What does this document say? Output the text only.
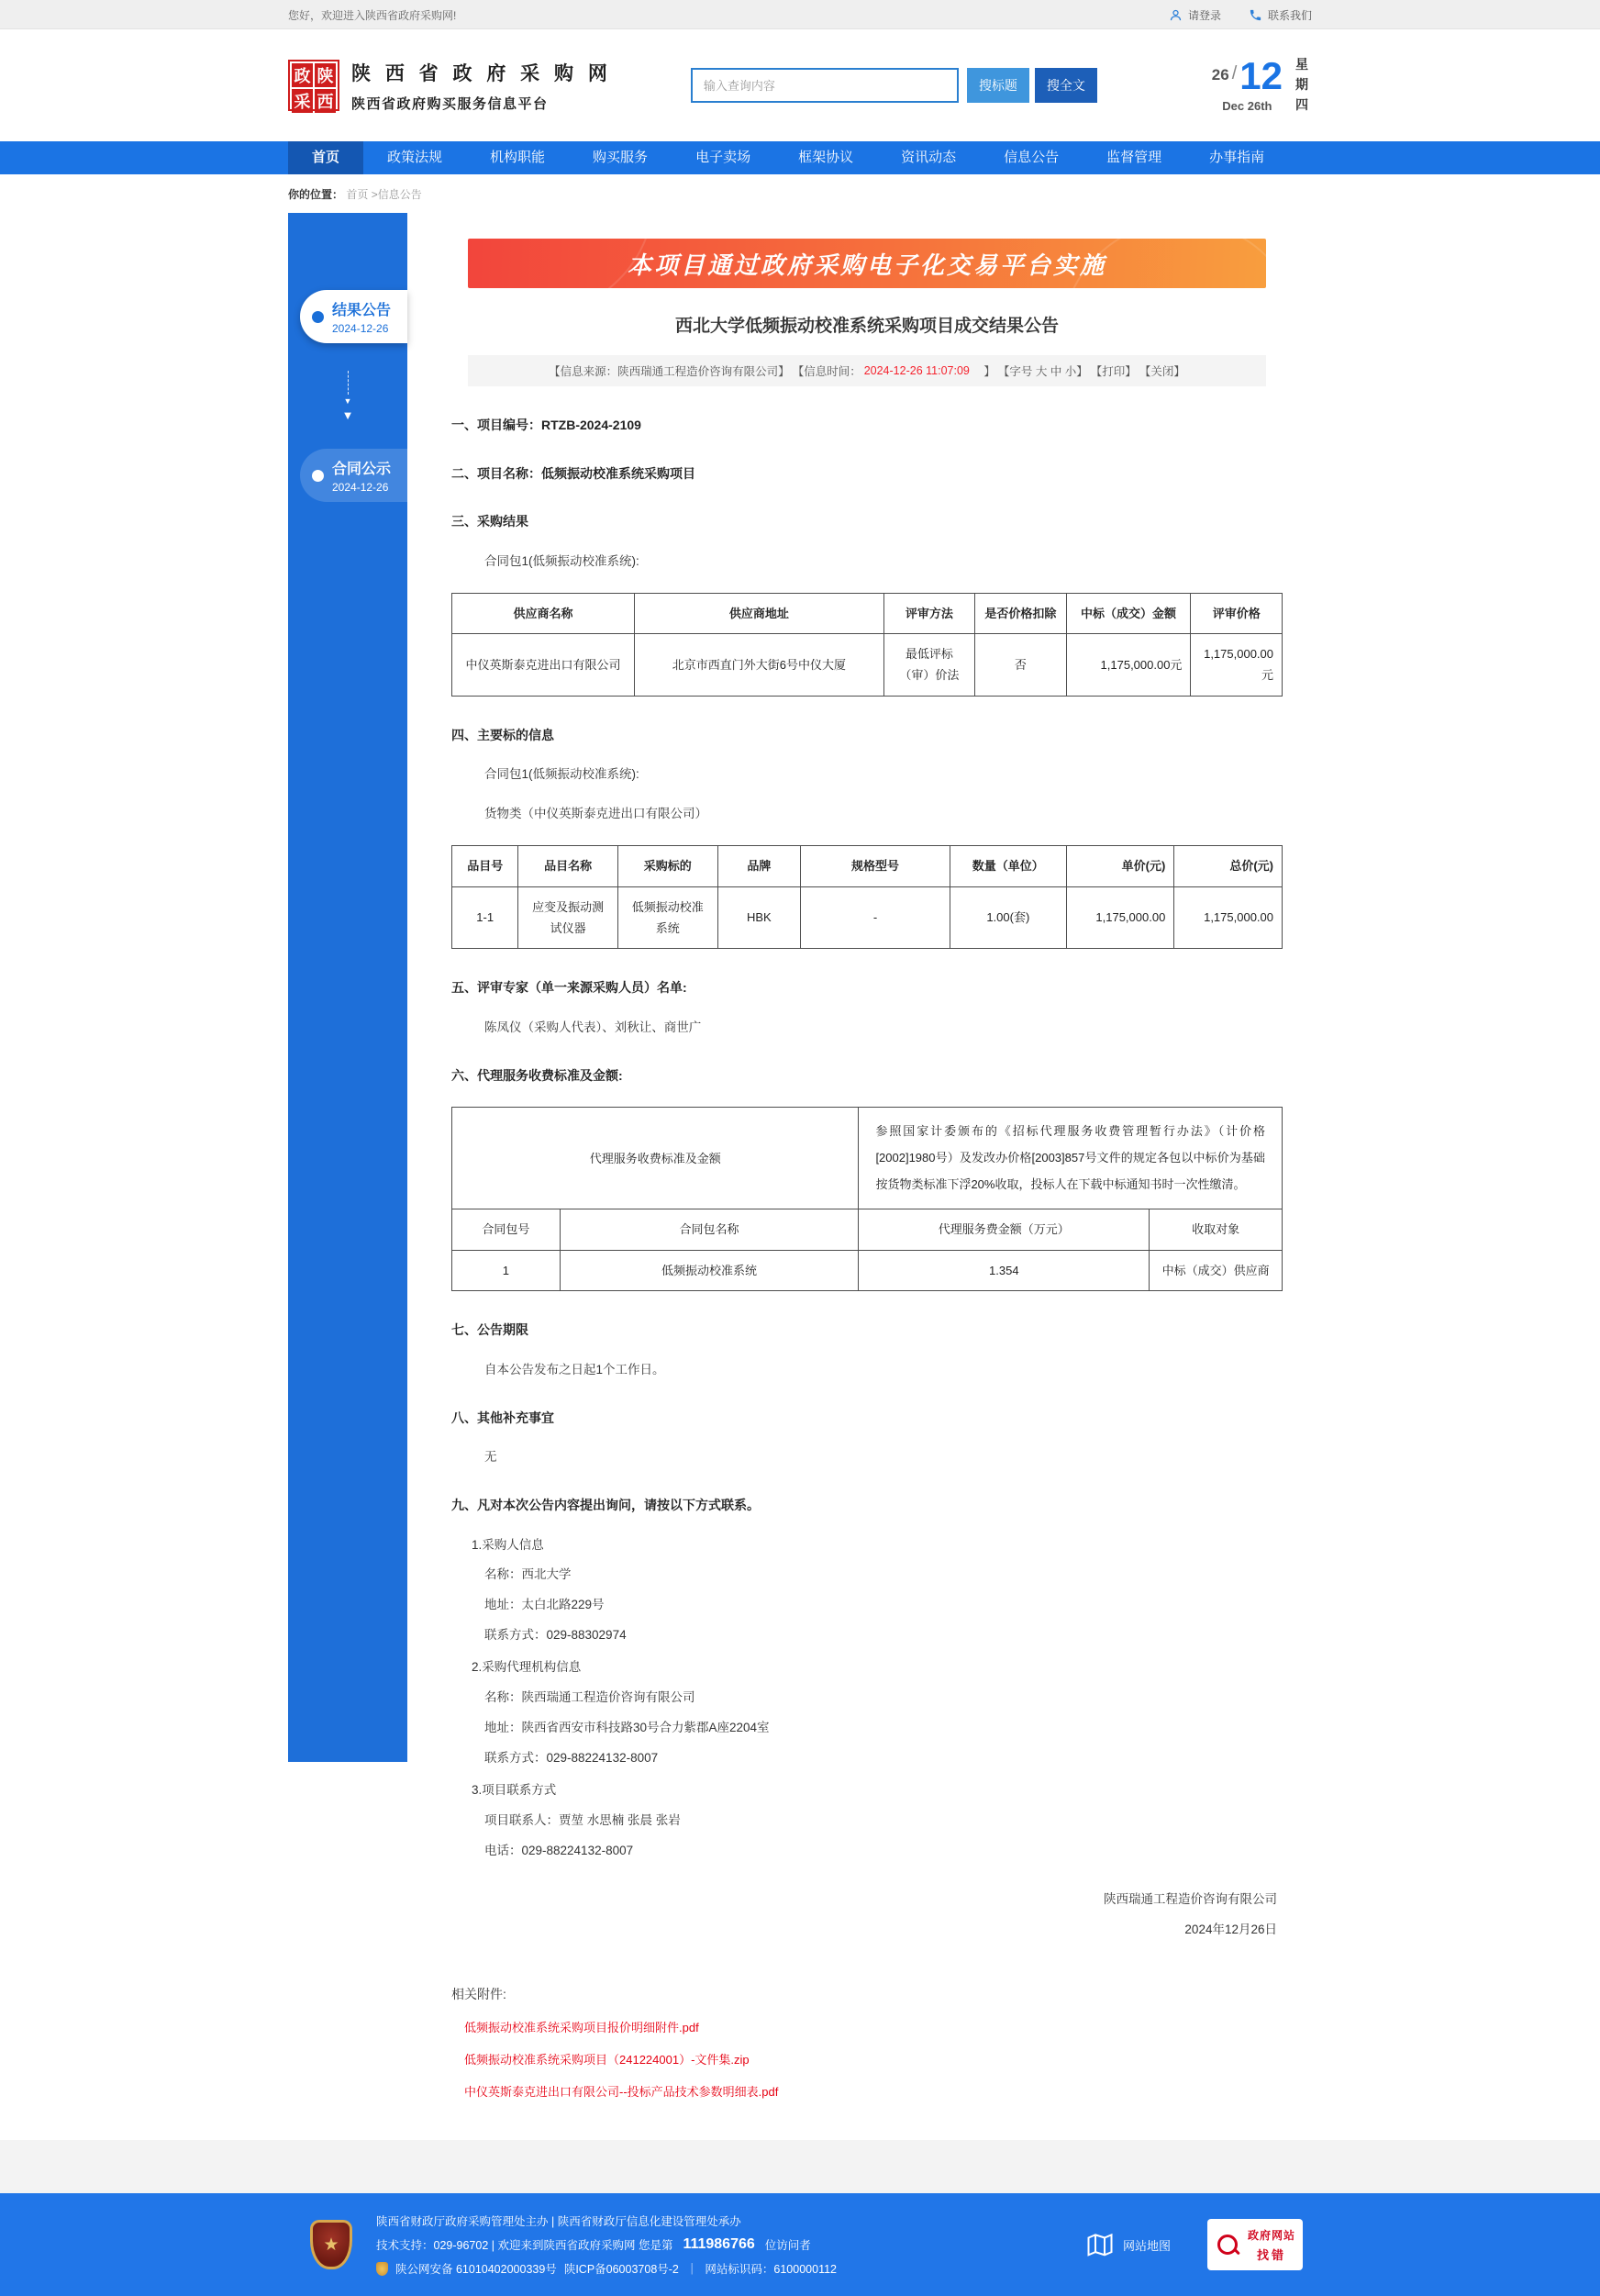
您好，欢迎进入陕西省政府采购网!	请登录	联系我们
政 陕
采 西
陕 西 省 政 府 采 购 网
陕西省政府购买服务信息平台
输入查询内容
搜标题	搜全文
26 / 12
Dec 26th
星期四
首页	政策法规	机构职能	购买服务	电子卖场	框架协议	资讯动态	信息公告	监督管理	办事指南
你的位置： 首页 >信息公告
结果公告
2024-12-26
▼
▼
合同公示
2024-12-26
本项目通过政府采购电子化交易平台实施
西北大学低频振动校准系统采购项目成交结果公告
【信息来源：陕西瑞通工程造价咨询有限公司】 【信息时间： 2024-12-26 11:07:09 　】 【字号 大 中 小】 【打印】 【关闭】
一、项目编号：RTZB-2024-2109
二、项目名称：低频振动校准系统采购项目
三、采购结果
合同包1(低频振动校准系统):
供应商名称	供应商地址	评审方法	是否价格扣除	中标（成交）金额	评审价格
中仪英斯泰克进出口有限公司	北京市西直门外大街6号中仪大厦	最低评标（审）价法	否	1,175,000.00元	1,175,000.00元
四、主要标的信息
合同包1(低频振动校准系统):
货物类（中仪英斯泰克进出口有限公司）
品目号	品目名称	采购标的	品牌	规格型号	数量（单位）	单价(元)	总价(元)
1-1	应变及振动测试仪器	低频振动校准系统	HBK	-	1.00(套)	1,175,000.00	1,175,000.00
五、评审专家（单一来源采购人员）名单:
陈凤仪（采购人代表）、刘秋让、商世广
六、代理服务收费标准及金额:
代理服务收费标准及金额		参照国家计委颁布的《招标代理服务收费管理暂行办法》（计价格[2002]1980号）及发改办价格[2003]857号文件的规定各包以中标价为基础按货物类标准下浮20%收取，投标人在下载中标通知书时一次性缴清。	
合同包号	合同包名称	代理服务费金额（万元）	收取对象
1	低频振动校准系统	1.354	中标（成交）供应商
七、公告期限
自本公告发布之日起1个工作日。
八、其他补充事宜
无
九、凡对本次公告内容提出询问，请按以下方式联系。
1.采购人信息
名称：西北大学
地址：太白北路229号
联系方式：029-88302974
2.采购代理机构信息
名称：陕西瑞通工程造价咨询有限公司
地址：陕西省西安市科技路30号合力紫郡A座2204室
联系方式：029-88224132-8007
3.项目联系方式
项目联系人：贾堃 水思楠 张晨 张岩
电话：029-88224132-8007
陕西瑞通工程造价咨询有限公司
2024年12月26日
相关附件:
低频振动校准系统采购项目报价明细附件.pdf
低频振动校准系统采购项目（241224001）-文件集.zip
中仪英斯泰克进出口有限公司--投标产品技术参数明细表.pdf
★
陕西省财政厅政府采购管理处主办 | 陕西省财政厅信息化建设管理处承办
技术支持：029-96702 | 欢迎来到陕西省政府采购网 您是第 111986766 位访问者
陕公网安备 61010402000339号 陕ICP备06003708号-2 ｜ 网站标识码：6100000112
网站地图
政府网站
找错
